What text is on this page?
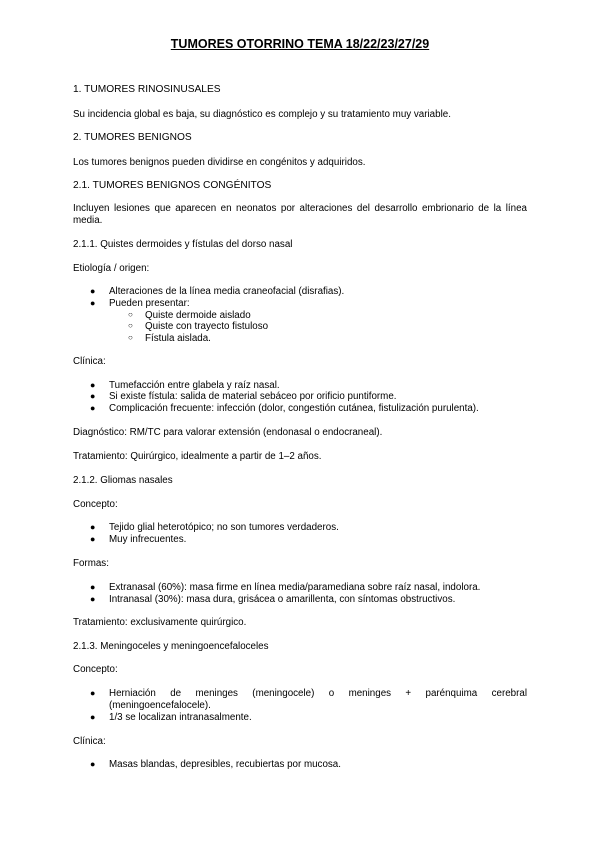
TUMORES OTORRINO TEMA 18/22/23/27/29
1. TUMORES RINOSINUSALES
Su incidencia global es baja, su diagnóstico es complejo y su tratamiento muy variable.
2. TUMORES BENIGNOS
Los tumores benignos pueden dividirse en congénitos y adquiridos.
2.1. TUMORES BENIGNOS CONGÉNITOS
Incluyen lesiones que aparecen en neonatos por alteraciones del desarrollo embrionario de la línea media.
2.1.1. Quistes dermoides y fístulas del dorso nasal
Etiología / origen:
● Alteraciones de la línea media craneofacial (disrafias).
● Pueden presentar:
○ Quiste dermoide aislado
○ Quiste con trayecto fistuloso
○ Fístula aislada.
Clínica:
● Tumefacción entre glabela y raíz nasal.
● Si existe fístula: salida de material sebáceo por orificio puntiforme.
● Complicación frecuente: infección (dolor, congestión cutánea, fistulización purulenta).
Diagnóstico: RM/TC para valorar extensión (endonasal o endocraneal).
Tratamiento: Quirúrgico, idealmente a partir de 1–2 años.
2.1.2. Gliomas nasales
Concepto:
● Tejido glial heterotópico; no son tumores verdaderos.
● Muy infrecuentes.
Formas:
● Extranasal (60%): masa firme en línea media/paramediana sobre raíz nasal, indolora.
● Intranasal (30%): masa dura, grisácea o amarillenta, con síntomas obstructivos.
Tratamiento: exclusivamente quirúrgico.
2.1.3. Meningoceles y meningoencefaloceles
Concepto:
● Herniación de meninges (meningocele) o meninges + parénquima cerebral (meningoencefalocele).
● 1/3 se localizan intranasalmente.
Clínica:
● Masas blandas, depresibles, recubiertas por mucosa.
